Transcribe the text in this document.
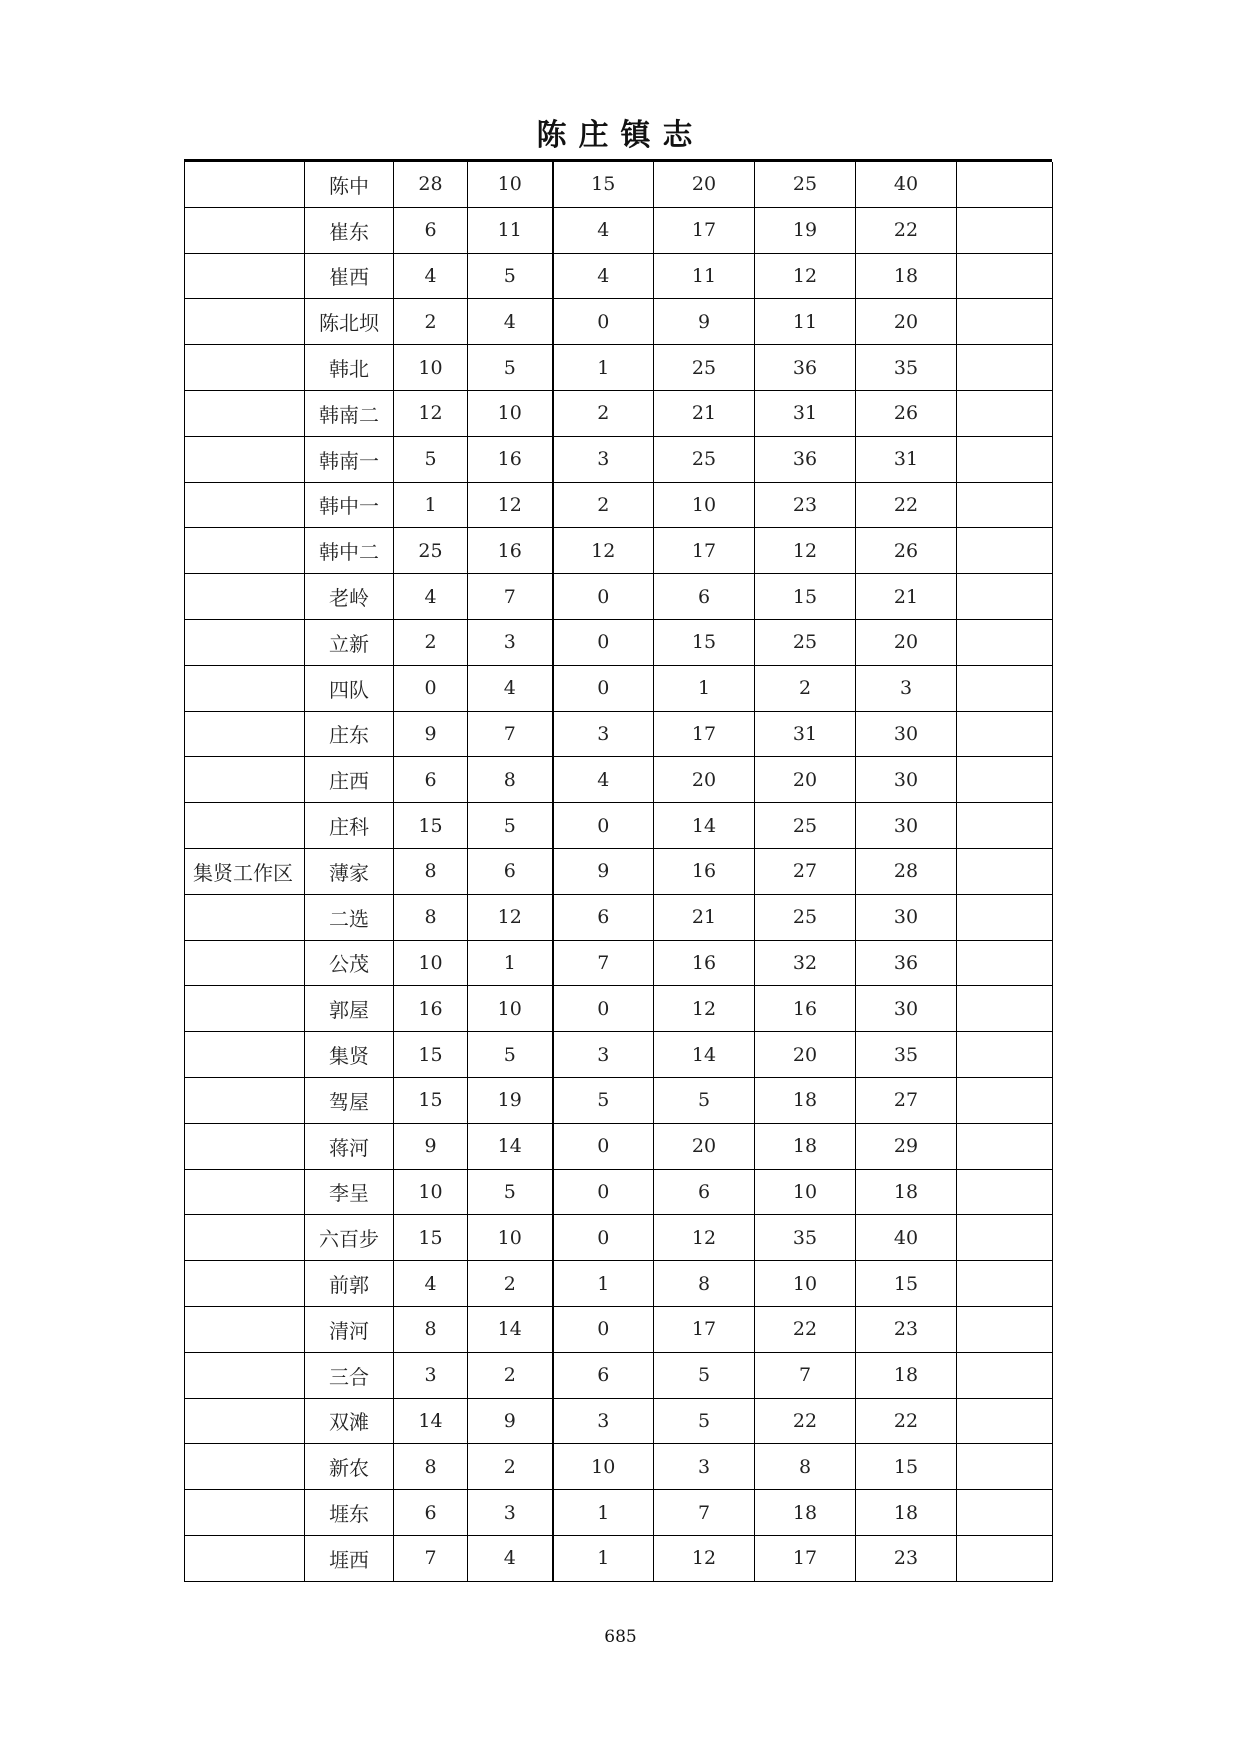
陈庄镇志
	陈中	28	10	15	20	25	40	
	崔东	6	11	4	17	19	22	
	崔西	4	5	4	11	12	18	
	陈北坝	2	4	0	9	11	20	
	韩北	10	5	1	25	36	35	
	韩南二	12	10	2	21	31	26	
	韩南一	5	16	3	25	36	31	
	韩中一	1	12	2	10	23	22	
	韩中二	25	16	12	17	12	26	
	老岭	4	7	0	6	15	21	
	立新	2	3	0	15	25	20	
	四队	0	4	0	1	2	3	
	庄东	9	7	3	17	31	30	
	庄西	6	8	4	20	20	30	
	庄科	15	5	0	14	25	30	
集贤工作区	薄家	8	6	9	16	27	28	
	二选	8	12	6	21	25	30	
	公茂	10	1	7	16	32	36	
	郭屋	16	10	0	12	16	30	
	集贤	15	5	3	14	20	35	
	驾屋	15	19	5	5	18	27	
	蒋河	9	14	0	20	18	29	
	李呈	10	5	0	6	10	18	
	六百步	15	10	0	12	35	40	
	前郭	4	2	1	8	10	15	
	清河	8	14	0	17	22	23	
	三合	3	2	6	5	7	18	
	双滩	14	9	3	5	22	22	
	新农	8	2	10	3	8	15	
	堐东	6	3	1	7	18	18	
	堐西	7	4	1	12	17	23	
685
